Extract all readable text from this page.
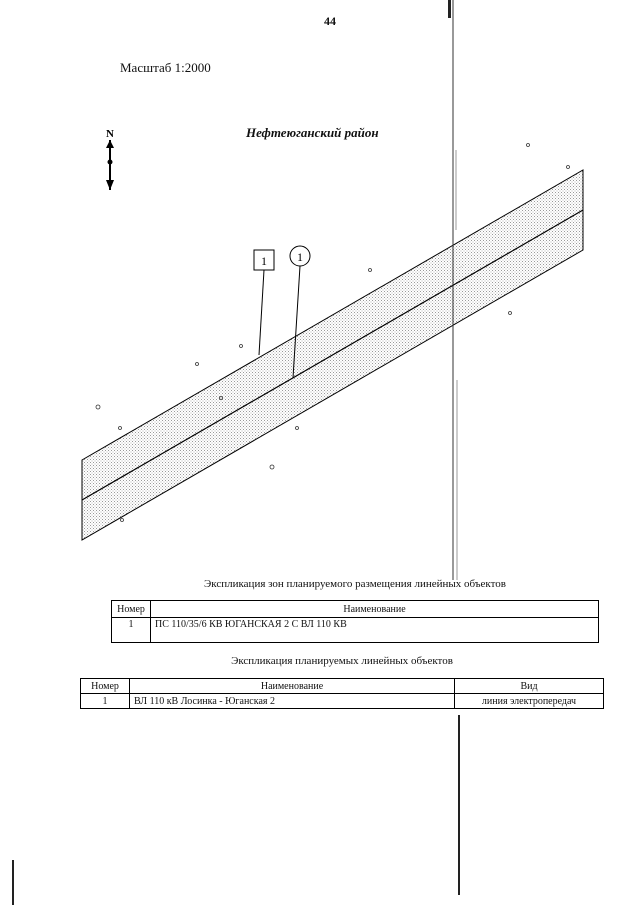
· ·· ·
·· · ··
· ·· ·
1	1
N
44
Масштаб 1:2000
Нефтеюганский район
Экспликация зон планируемого размещения линейных объектов
Номер	Наименование
1	ПС 110/35/6 КВ ЮГАНСКАЯ 2 С ВЛ 110 КВ
Экспликация планируемых линейных объектов
Номер	Наименование	Вид
1	ВЛ 110 кВ Лосинка - Юганская 2	линия электропередач
